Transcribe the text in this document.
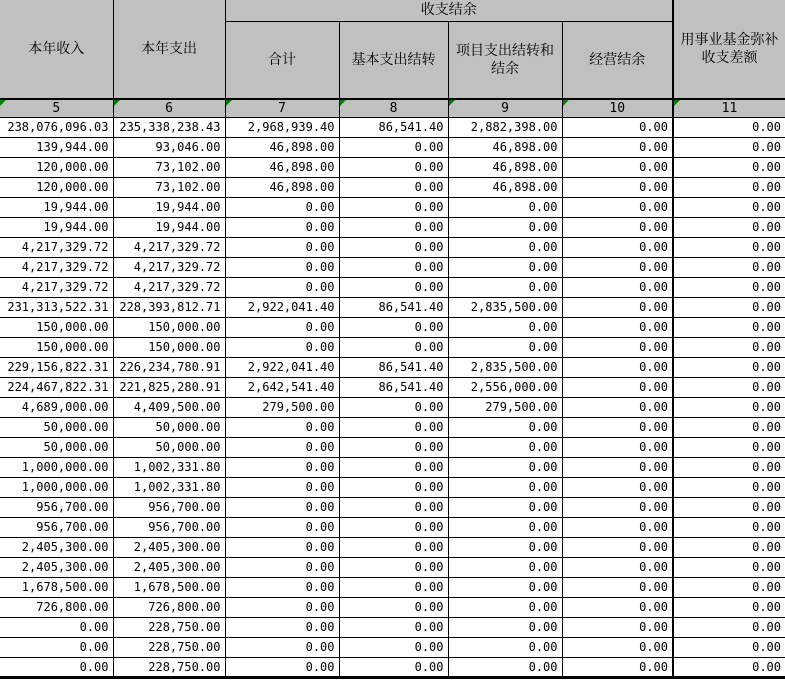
本年收入	本年支出	收支结余				用事业基金弥补收支差额
		合计	基本支出结转	项目支出结转和结余	经营结余	

5	6	7	8	9	10	11
238,076,096.03	235,338,238.43	2,968,939.40	86,541.40	2,882,398.00	0.00	0.00
139,944.00	93,046.00	46,898.00	0.00	46,898.00	0.00	0.00
120,000.00	73,102.00	46,898.00	0.00	46,898.00	0.00	0.00
120,000.00	73,102.00	46,898.00	0.00	46,898.00	0.00	0.00
19,944.00	19,944.00	0.00	0.00	0.00	0.00	0.00
19,944.00	19,944.00	0.00	0.00	0.00	0.00	0.00
4,217,329.72	4,217,329.72	0.00	0.00	0.00	0.00	0.00
4,217,329.72	4,217,329.72	0.00	0.00	0.00	0.00	0.00
4,217,329.72	4,217,329.72	0.00	0.00	0.00	0.00	0.00
231,313,522.31	228,393,812.71	2,922,041.40	86,541.40	2,835,500.00	0.00	0.00
150,000.00	150,000.00	0.00	0.00	0.00	0.00	0.00
150,000.00	150,000.00	0.00	0.00	0.00	0.00	0.00
229,156,822.31	226,234,780.91	2,922,041.40	86,541.40	2,835,500.00	0.00	0.00
224,467,822.31	221,825,280.91	2,642,541.40	86,541.40	2,556,000.00	0.00	0.00
4,689,000.00	4,409,500.00	279,500.00	0.00	279,500.00	0.00	0.00
50,000.00	50,000.00	0.00	0.00	0.00	0.00	0.00
50,000.00	50,000.00	0.00	0.00	0.00	0.00	0.00
1,000,000.00	1,002,331.80	0.00	0.00	0.00	0.00	0.00
1,000,000.00	1,002,331.80	0.00	0.00	0.00	0.00	0.00
956,700.00	956,700.00	0.00	0.00	0.00	0.00	0.00
956,700.00	956,700.00	0.00	0.00	0.00	0.00	0.00
2,405,300.00	2,405,300.00	0.00	0.00	0.00	0.00	0.00
2,405,300.00	2,405,300.00	0.00	0.00	0.00	0.00	0.00
1,678,500.00	1,678,500.00	0.00	0.00	0.00	0.00	0.00
726,800.00	726,800.00	0.00	0.00	0.00	0.00	0.00
0.00	228,750.00	0.00	0.00	0.00	0.00	0.00
0.00	228,750.00	0.00	0.00	0.00	0.00	0.00
0.00	228,750.00	0.00	0.00	0.00	0.00	0.00
